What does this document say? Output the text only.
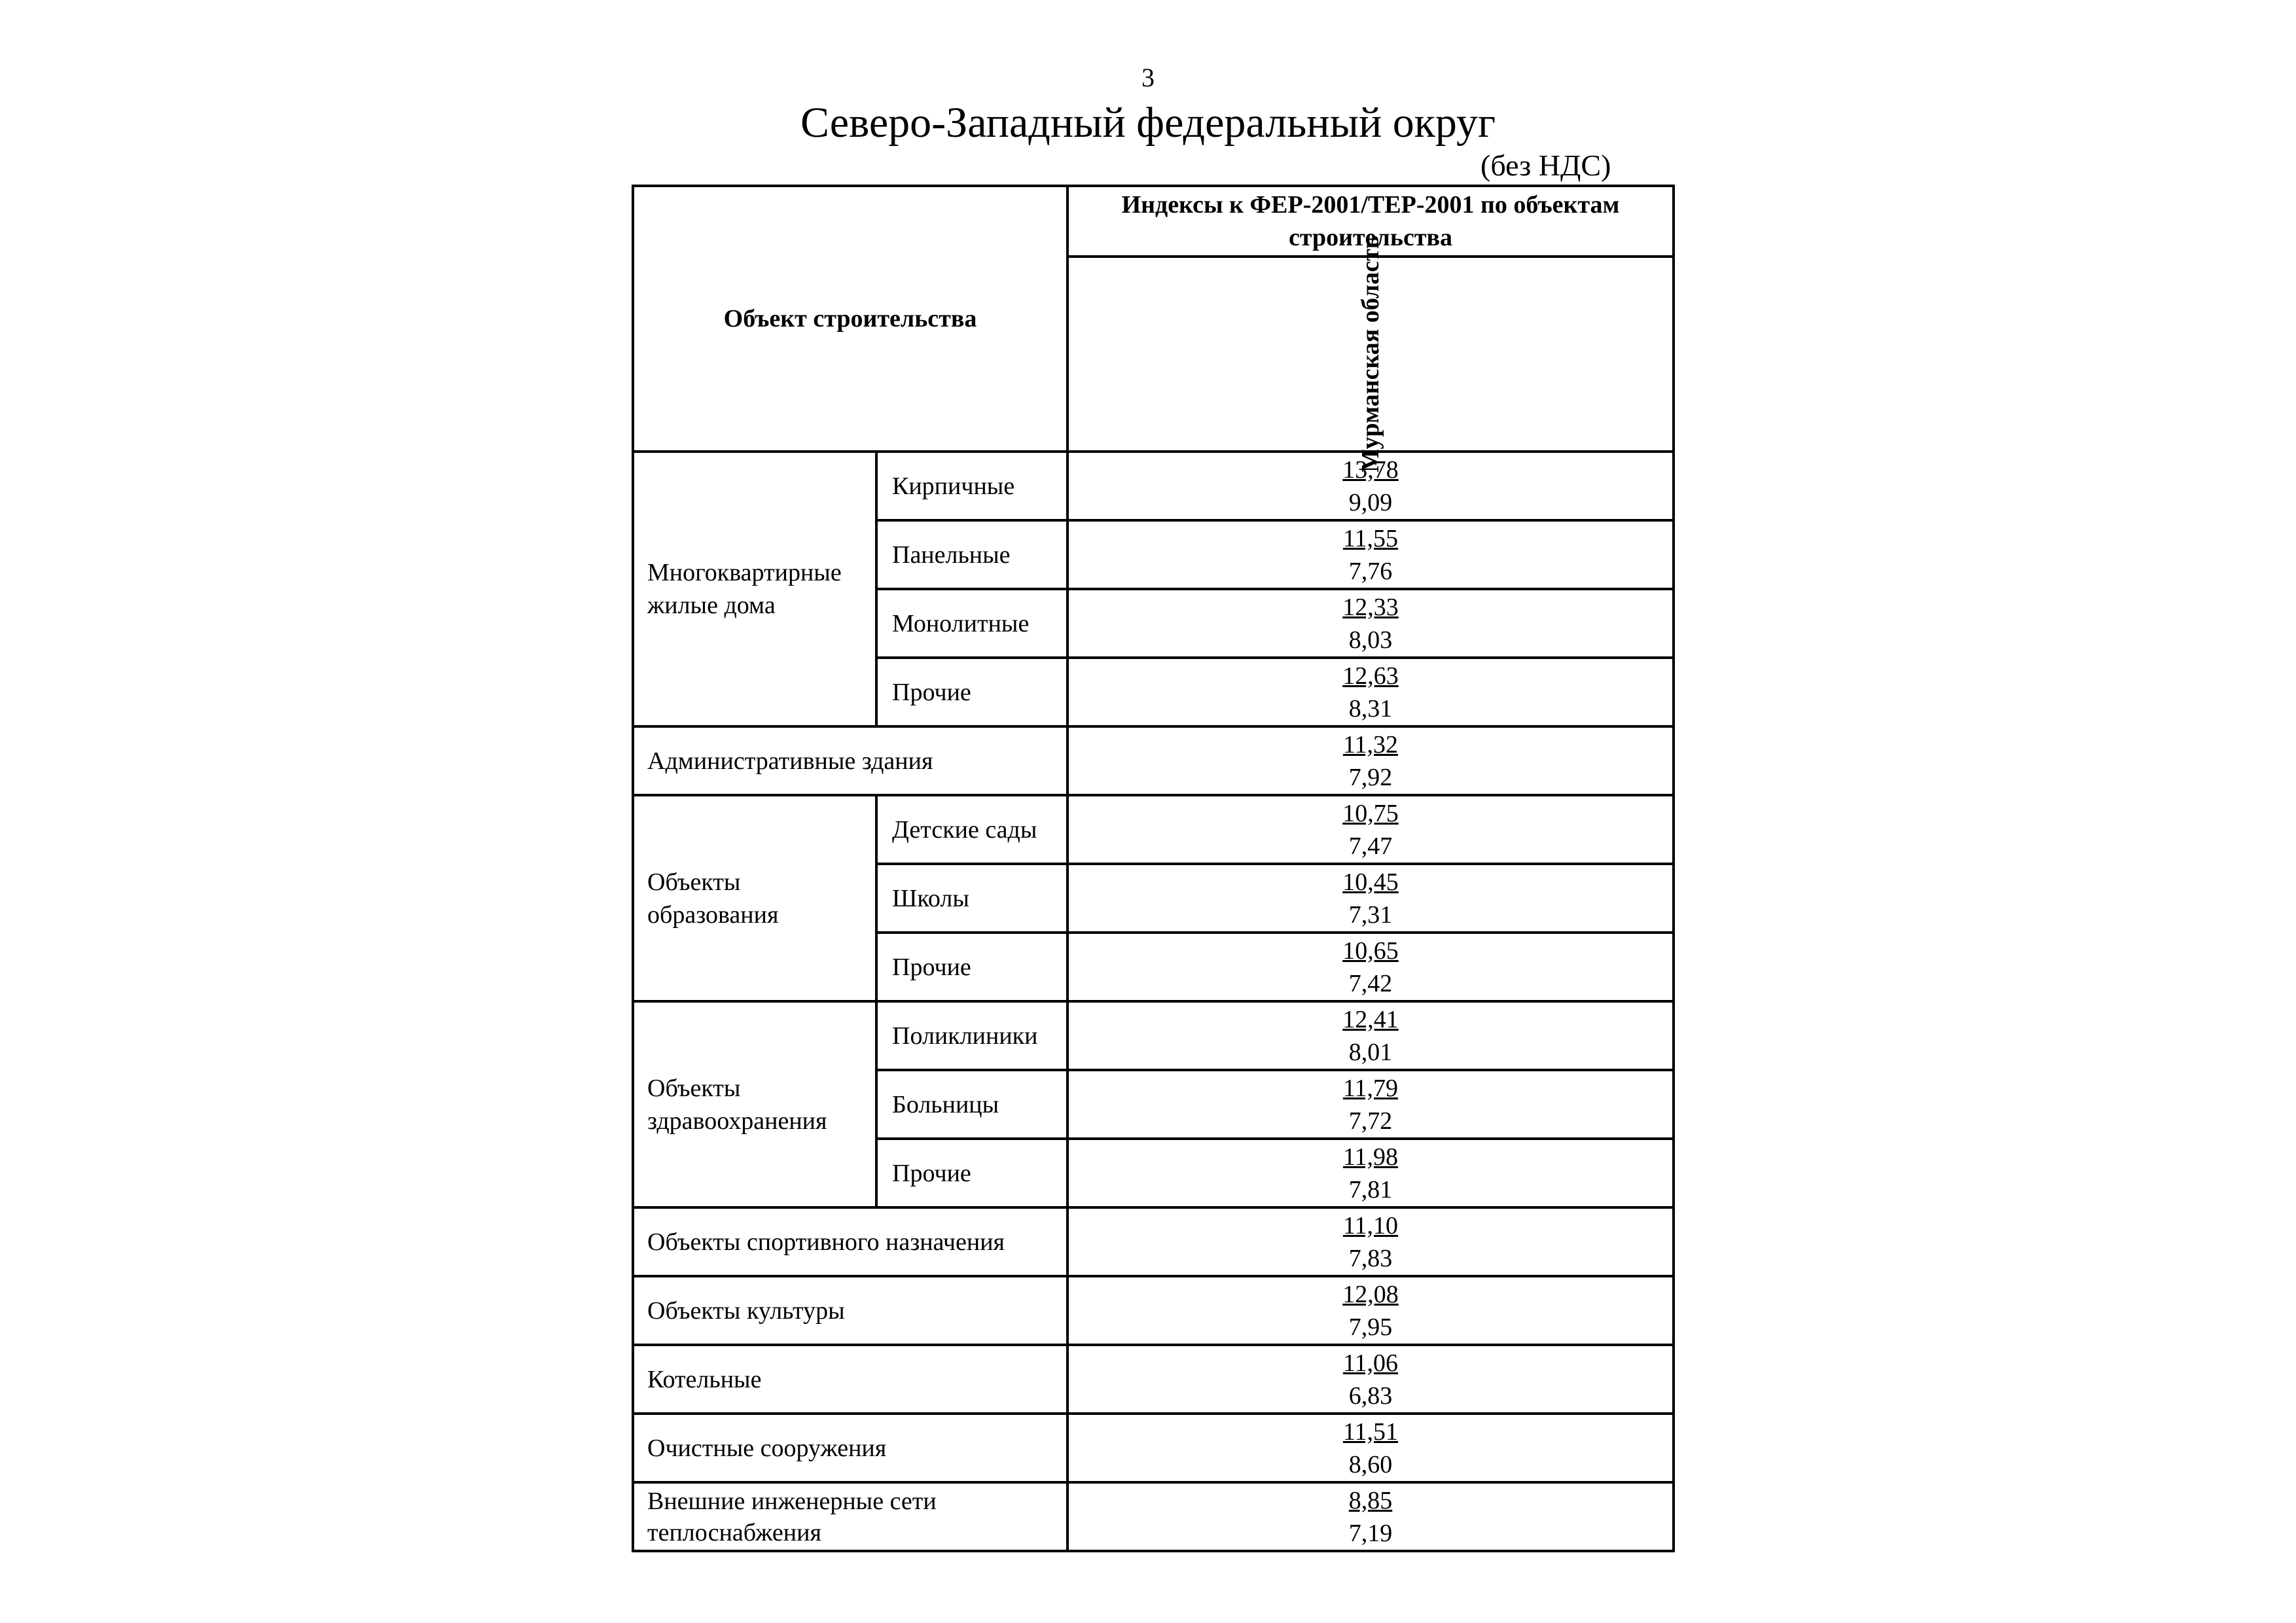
3
Северо-Западный федеральный округ
(без НДС)
Объект строительства		Индексы к ФЕР-2001/ТЕР-2001 по объектам строительства

		Мурманская область

Многоквартирные жилые дома	Кирпичные	13,78
9,09

	Панельные	11,55
7,76

	Монолитные	12,33
8,03

	Прочие	12,63
8,31

Административные здания		11,32
7,92

Объекты образования	Детские сады	10,75
7,47

	Школы	10,45
7,31

	Прочие	10,65
7,42

Объекты здравоохранения	Поликлиники	12,41
8,01

	Больницы	11,79
7,72

	Прочие	11,98
7,81

Объекты спортивного назначения		11,10
7,83

Объекты культуры		12,08
7,95

Котельные		11,06
6,83

Очистные сооружения		11,51
8,60

Внешние инженерные сети теплоснабжения		8,85
7,19
